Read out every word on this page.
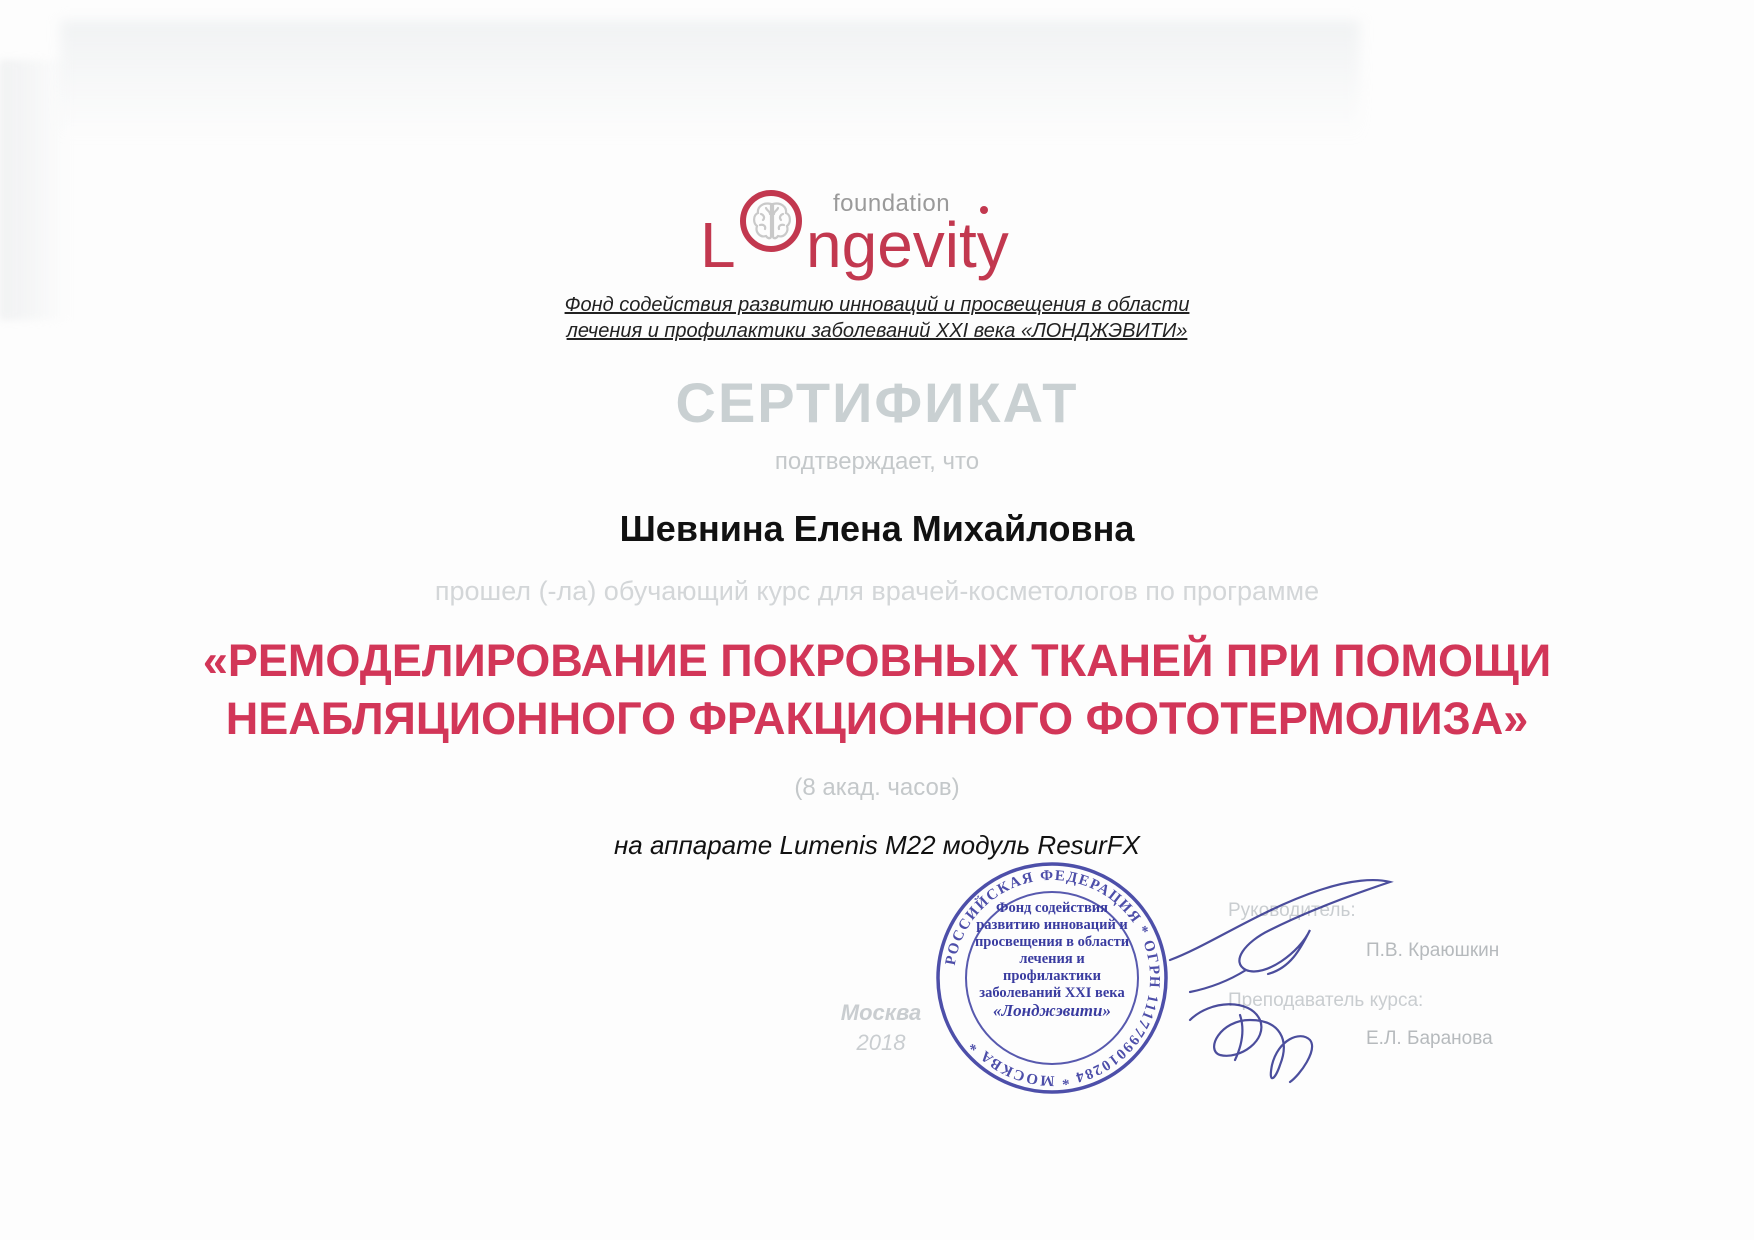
foundation
L ngevity
Фонд содействия развитию инноваций и просвещения в области
лечения и профилактики заболеваний XXI века «ЛОНДЖЭВИТИ»
СЕРТИФИКАТ
подтверждает, что
Шевнина Елена Михайловна
прошел (-ла) обучающий курс для врачей-косметологов по программе
«РЕМОДЕЛИРОВАНИЕ ПОКРОВНЫХ ТКАНЕЙ ПРИ ПОМОЩИ
НЕАБЛЯЦИОННОГО ФРАКЦИОННОГО ФОТОТЕРМОЛИЗА»
(8 акад. часов)
на аппарате Lumenis M22 модуль ResurFX
Москва
2018
Руководитель:
П.В. Краюшкин
Преподаватель курса:
Е.Л. Баранова
РОССИЙСКАЯ ФЕДЕРАЦИЯ * ОГРН 1117799010284 * МОСКВА *
Фонд содействия
развитию инноваций и
просвещения в области
лечения и профилактики
заболеваний XXI века
«Лонджэвити»
